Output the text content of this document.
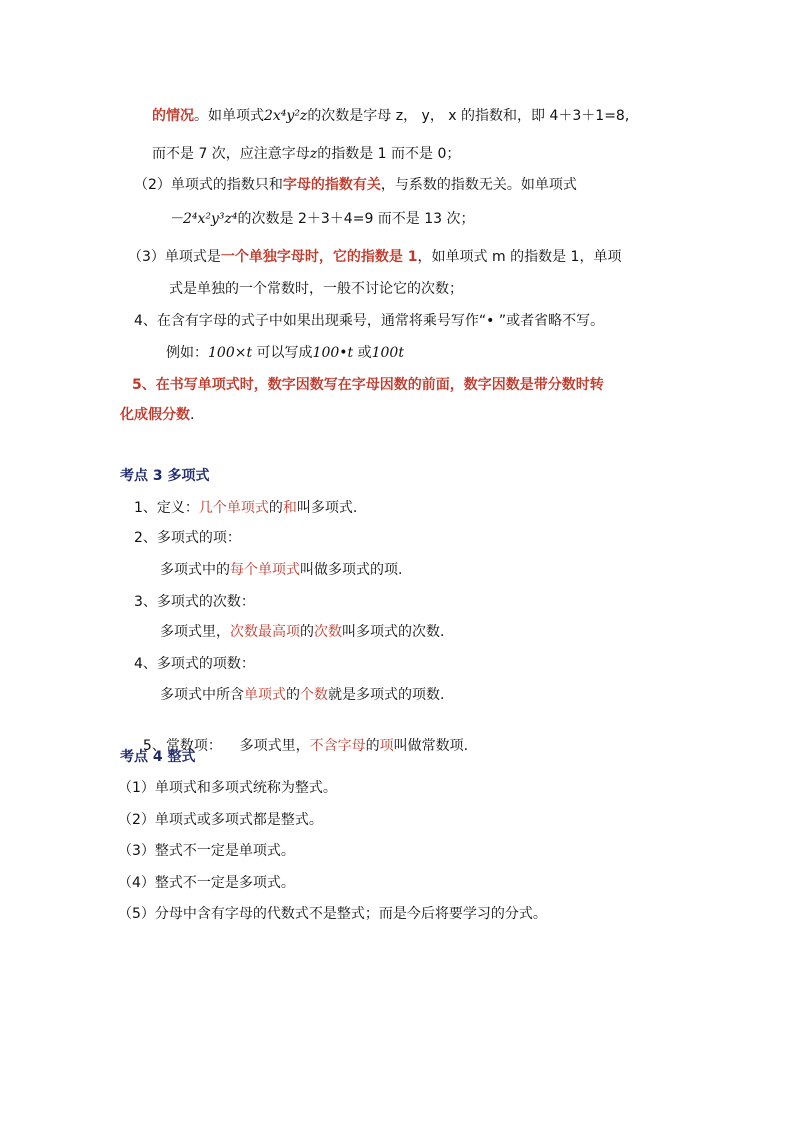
的情况。如单项式2x⁴y²z的次数是字母 z， y， x 的指数和，即 4＋3＋1=8,
而不是 7 次，应注意字母z的指数是 1 而不是 0；
（2）单项式的指数只和字母的指数有关，与系数的指数无关。如单项式
－2⁴x²y³z⁴的次数是 2＋3＋4=9 而不是 13 次；
（3）单项式是一个单独字母时，它的指数是 1，如单项式 m 的指数是 1，单项
式是单独的一个常数时，一般不讨论它的次数；
4、在含有字母的式子中如果出现乘号，通常将乘号写作“• ”或者省略不写。
例如：100×t 可以写成100•t 或100t
5、在书写单项式时，数字因数写在字母因数的前面，数字因数是带分数时转
化成假分数.
考点 3 多项式
1、定义：几个单项式的和叫多项式.
2、多项式的项：
多项式中的每个单项式叫做多项式的项.
3、多项式的次数：
多项式里，次数最高项的次数叫多项式的次数.
4、多项式的项数：
多项式中所含单项式的个数就是多项式的项数.

5、常数项：    多项式里，不含字母的项叫做常数项.

考点 4 整式
（1）单项式和多项式统称为整式。
（2）单项式或多项式都是整式。
（3）整式不一定是单项式。
（4）整式不一定是多项式。
（5）分母中含有字母的代数式不是整式；而是今后将要学习的分式。
